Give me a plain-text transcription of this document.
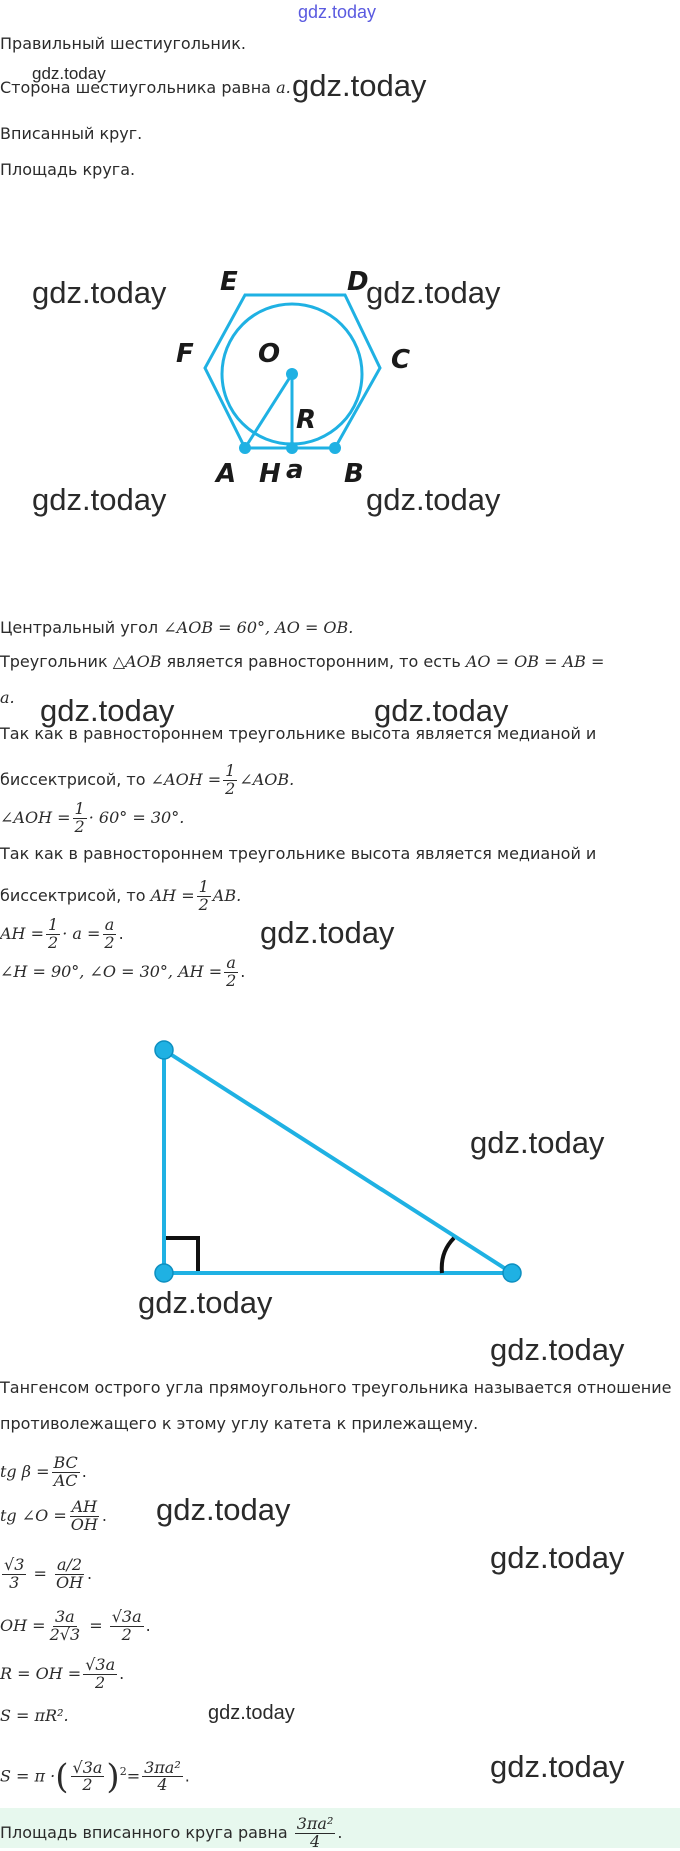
gdz.today
Правильный шестиугольник.
gdz.today
Сторона шестиугольника равна a. gdz.today
Вписанный круг.
Площадь круга.
gdz.today	gdz.today
gdz.today	gdz.today
E	D
F	C
O
R
A H a B
Центральный угол ∠AOB = 60°, AO = OB.
Треугольник △AOB является равносторонним, то есть AO = OB = AB =
a. gdz.today	gdz.today
Так как в равностороннем треугольнике высота является медианой и
биссектрисой, то ∠AOH = $\frac{1}{2}$ ∠AOB.
∠AOH = $\frac{1}{2} \cdot 60^\circ = 30^\circ$.
Так как в равностороннем треугольнике высота является медианой и
биссектрисой, то AH = $\frac{1}{2}$ AB.
AH = $\frac{1}{2} \cdot a = \frac{a}{2}$ .	gdz.today
∠H = 90°, ∠O = 30°, AH = $\frac{a}{2}$ .
gdz.today
gdz.today
gdz.today
Тангенсом острого угла прямоугольного треугольника называется отношение
противолежащего к этому углу катета к прилежащему.
tg $\beta = \frac{BC}{AC}$ .
tg ∠O = $\frac{AH}{OH}$ . gdz.today
$\frac{√3}{3} = \frac{a/2}{OH}$ .	gdz.today
OH = $\frac{3a}{2√3} = \frac{√3a}{2}$ .
R = OH = $\frac{√3a}{2}$ .
S = πR².	gdz.today
S = π ·( $\frac{√3a}{2} )^2= \frac{\text{3πa²}}{4}$ .	gdz.today
Площадь вписанного круга равна $\frac{\text{3πa²}}{4}$ .
